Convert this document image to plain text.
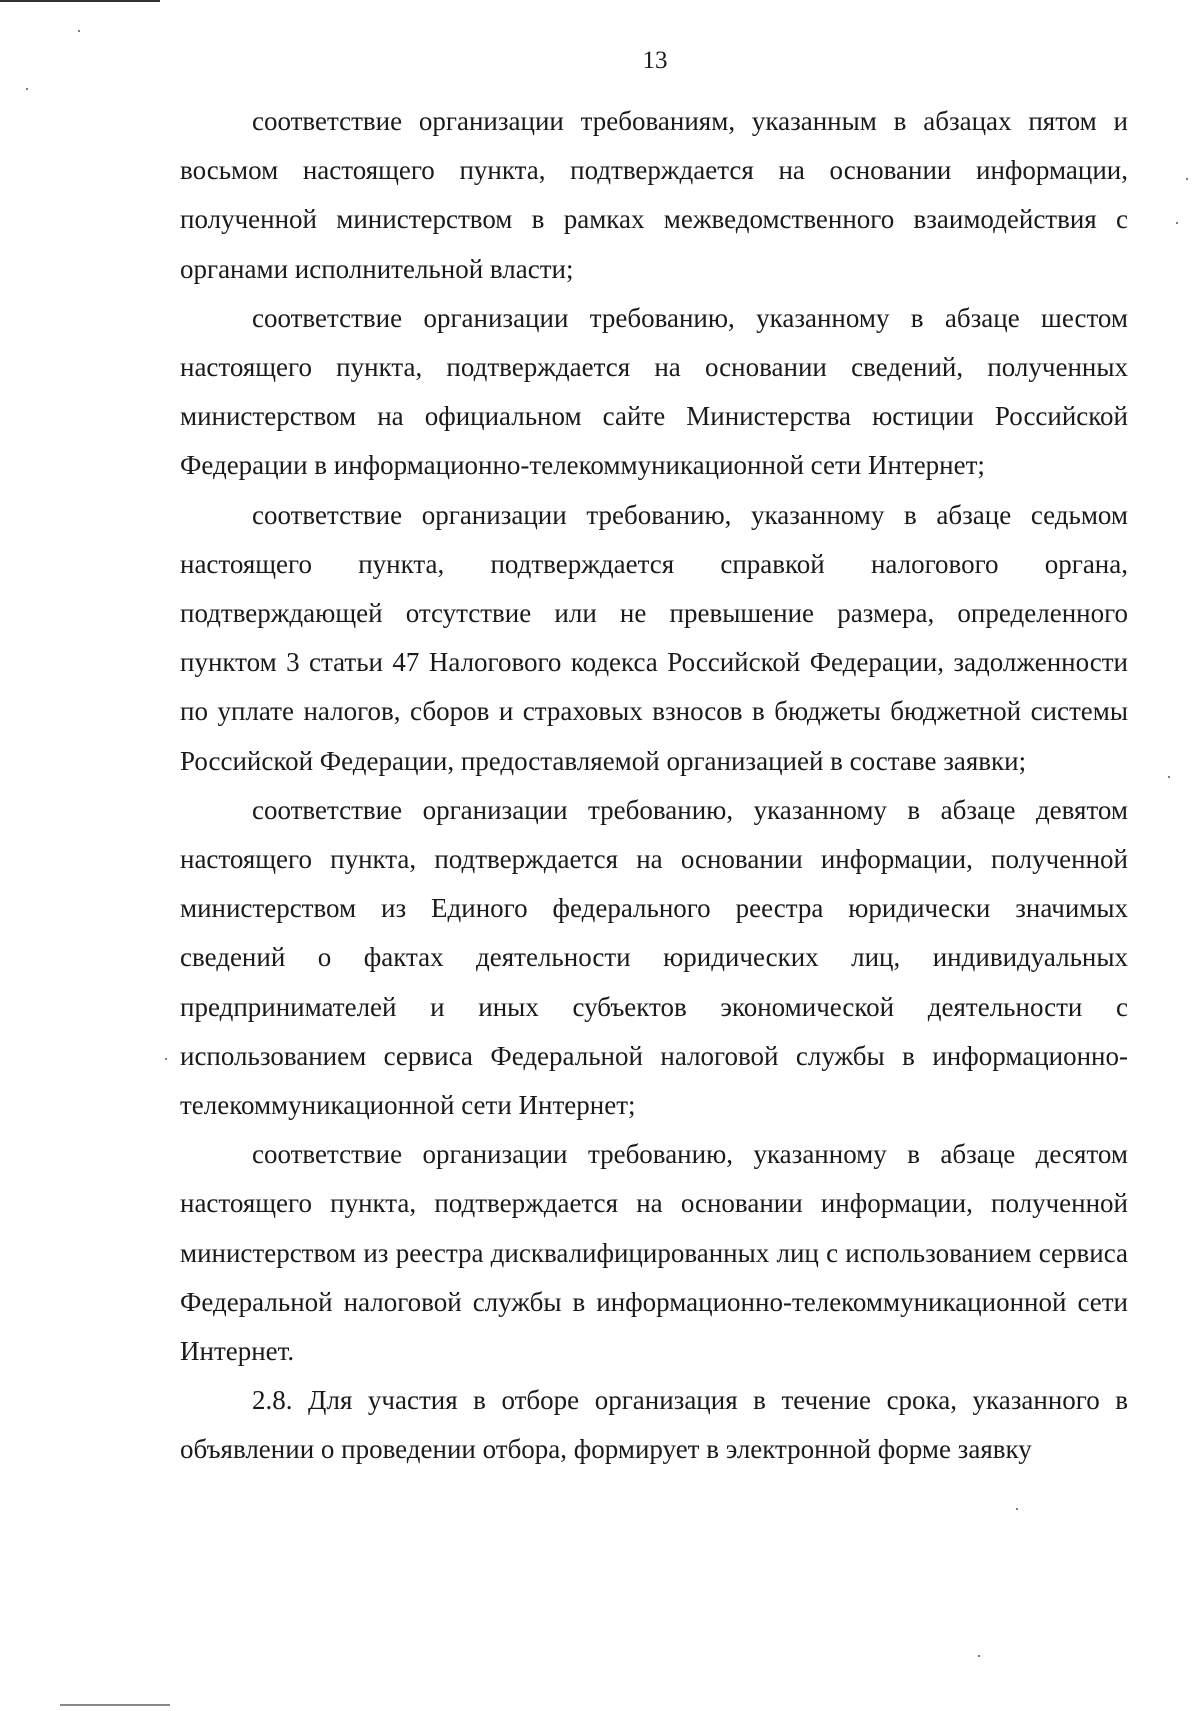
13

соответствие организации требованиям, указанным в абзацах пятом и восьмом настоящего пункта, подтверждается на основании информации, полученной министерством в рамках межведомственного взаимодействия с органами исполнительной власти;

соответствие организации требованию, указанному в абзаце шестом настоящего пункта, подтверждается на основании сведений, полученных министерством на официальном сайте Министерства юстиции Российской Федерации в информационно-телекоммуникационной сети Интернет;

соответствие организации требованию, указанному в абзаце седьмом настоящего пункта, подтверждается справкой налогового органа, подтверждающей отсутствие или не превышение размера, определенного пунктом 3 статьи 47 Налогового кодекса Российской Федерации, задолженности по уплате налогов, сборов и страховых взносов в бюджеты бюджетной системы Российской Федерации, предоставляемой организацией в составе заявки;

соответствие организации требованию, указанному в абзаце девятом настоящего пункта, подтверждается на основании информации, полученной министерством из Единого федерального реестра юридически значимых сведений о фактах деятельности юридических лиц, индивидуальных предпринимателей и иных субъектов экономической деятельности с использованием сервиса Федеральной налоговой службы в информационно-телекоммуникационной сети Интернет;

соответствие организации требованию, указанному в абзаце десятом настоящего пункта, подтверждается на основании информации, полученной министерством из реестра дисквалифицированных лиц с использованием сервиса Федеральной налоговой службы в информационно-телекоммуникационной сети Интернет.

2.8. Для участия в отборе организация в течение срока, указанного в объявлении о проведении отбора, формирует в электронной форме заявку
